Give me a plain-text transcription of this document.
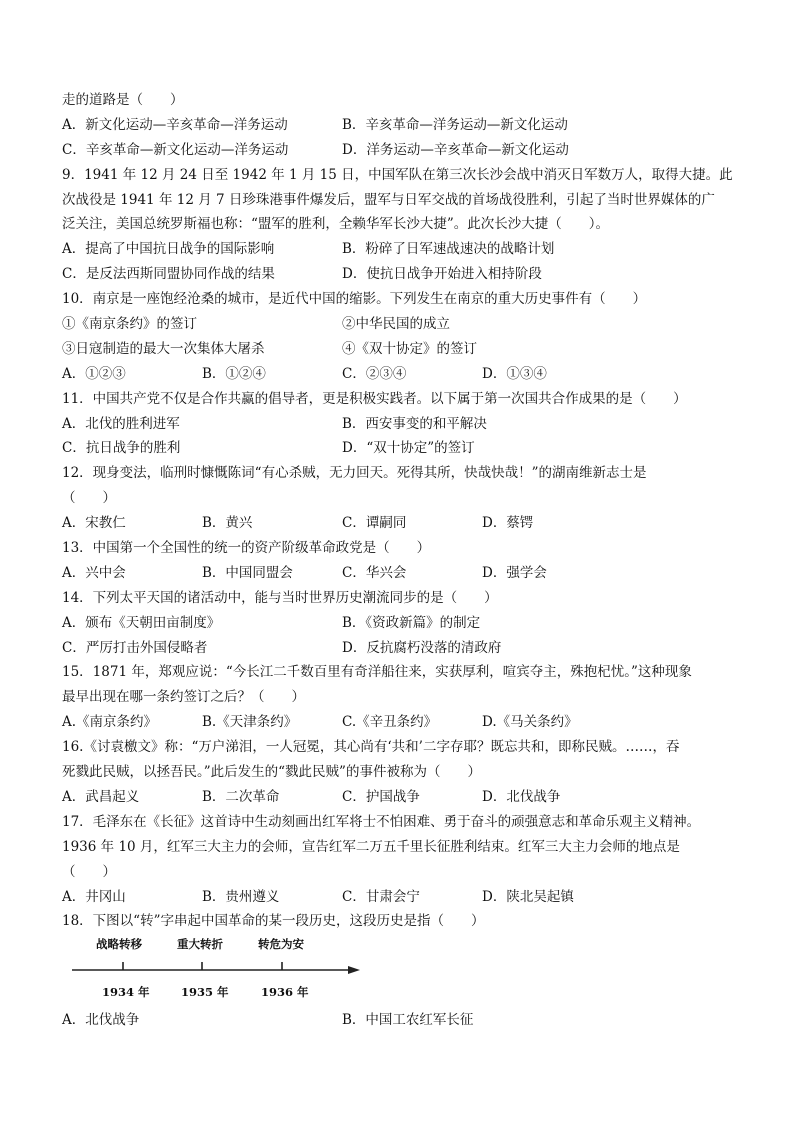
走的道路是（　　）
A．新文化运动—辛亥革命—洋务运动	B．辛亥革命—洋务运动—新文化运动
C．辛亥革命—新文化运动—洋务运动	D．洋务运动—辛亥革命—新文化运动
9．1941 年 12 月 24 日至 1942 年 1 月 15 日，中国军队在第三次长沙会战中消灭日军数万人，取得大捷。此
次战役是 1941 年 12 月 7 日珍珠港事件爆发后，盟军与日军交战的首场战役胜利，引起了当时世界媒体的广
泛关注，美国总统罗斯福也称：“盟军的胜利，全赖华军长沙大捷”。此次长沙大捷（　　）。
A．提高了中国抗日战争的国际影响	B．粉碎了日军速战速决的战略计划
C．是反法西斯同盟协同作战的结果	D．使抗日战争开始进入相持阶段
10．南京是一座饱经沧桑的城市，是近代中国的缩影。下列发生在南京的重大历史事件有（　　）
①《南京条约》的签订	②中华民国的成立
③日寇制造的最大一次集体大屠杀	④《双十协定》的签订
A．①②③	B．①②④	C．②③④	D．①③④
11．中国共产党不仅是合作共赢的倡导者，更是积极实践者。以下属于第一次国共合作成果的是（　　）
A．北伐的胜利进军	B．西安事变的和平解决
C．抗日战争的胜利	D．“双十协定”的签订
12．现身变法，临刑时慷慨陈词“有心杀贼，无力回天。死得其所，快哉快哉！”的湖南维新志士是
（　　）
A．宋教仁	B．黄兴	C．谭嗣同	D．蔡锷
13．中国第一个全国性的统一的资产阶级革命政党是（　　）
A．兴中会	B．中国同盟会	C．华兴会	D．强学会
14．下列太平天国的诸活动中，能与当时世界历史潮流同步的是（　　）
A．颁布《天朝田亩制度》	B．《资政新篇》的制定
C．严厉打击外国侵略者	D．反抗腐朽没落的清政府
15．1871 年，郑观应说：“今长江二千数百里有奇洋船往来，实获厚利，喧宾夺主，殊抱杞忧。”这种现象
最早出现在哪一条约签订之后？（　　）
A.《南京条约》	B.《天津条约》	C.《辛丑条约》	D.《马关条约》
16.《讨袁檄文》称：“万户涕泪，一人冠冕，其心尚有‘共和’二字存耶？既忘共和，即称民贼。……，吞
死戮此民贼，以拯吾民。”此后发生的“戮此民贼”的事件被称为（　　）
A．武昌起义	B．二次革命	C．护国战争	D．北伐战争
17．毛泽东在《长征》这首诗中生动刻画出红军将士不怕困难、勇于奋斗的顽强意志和革命乐观主义精神。
1936 年 10 月，红军三大主力的会师，宣告红军二万五千里长征胜利结束。红军三大主力会师的地点是
（　　）
A．井冈山	B．贵州遵义	C．甘肃会宁	D．陕北吴起镇
18．下图以“转”字串起中国革命的某一段历史，这段历史是指（　　）
战略转移	重大转折	转危为安
1934 年	1935 年	1936 年
A．北伐战争	B．中国工农红军长征
